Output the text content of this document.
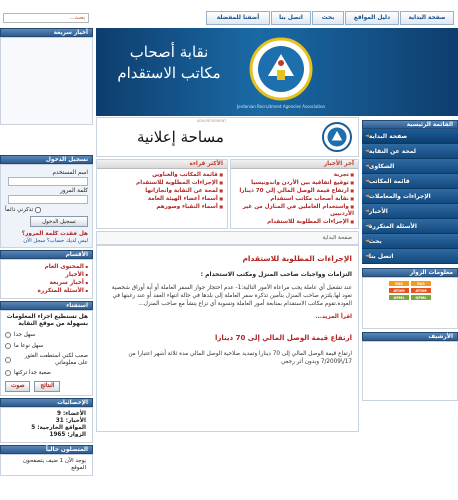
بحث...	صفحة البداية
دليل المواقع
بحث
اتصل بنا
أضفنا للمفضلة
نقابة أصحاب
مكاتب الاستقدام
Jordanian Recruitment Agencies Association
أخبار سريعة
تسجيل الدخول
اسم المستخدم
كلمة المرور
تذكرني دائماً
تسجيل الدخول
هل فقدت كلمة المرور؟
ليس لديك حساب؟ سجل الآن
الأقسام
▪ المحتوى العام
▪ الأخبار
▪ أخبار سريعة
▪ الأسئلة المتكررة
استفتاء
هل تستطيع اجراء المعلومات بسهولة من موقع النقابة
سهل جدا
سهل نوعا ما
صعب لكني استطعت العثور على معلوماتي
صعبة جدا تركتها
صوت	النتائج
الإحصائيات
الأعضاء: 9
الأخبار: 31
المواقع الخارجية: 5
الزوار: 1965
المتصلون حالياً
يوجد الآن 1 ضيف يتصفحون الموقع
ADVERTISEMENT
مساحة إعلانية
الأكثر قراءة
■ قائمة المكاتب والعناوين
■ الإجراءات المطلوبة للاستقدام
■ لمحة عن النقابة وانجازاتها
■ أسماء أعضاء الهيئة العامة
■ أسماء النقباء وصورهم
آخر الأخبار
■ تجربة
■ توقيع اتفاقية بين الأردن واندونيسيا
■ ارتفاع قيمة الوصل المالي إلى 70 دينارا
■ نقابة أصحاب مكاتب استقدام
■ واستخدام العاملين في المنازل من غير الأردنيين
■ الإجراءات المطلوبة للاستقدام
صفحة البداية
الإجراءات المطلوبة للاستقدام
التزامات وواجبات صاحب المنزل ومكتب الاستخدام :
عند تشغيل أي عاملة يجب مراعاة الأمور التالية:1- عدم احتجاز جواز السفر العاملة أو أية أوراق شخصية تعود لها.يلتزم صاحب المنزل بتأمين تذكرة سفر العاملة إلى بلدها في حالة انتهاء العقد أو عند رغبتها في العودة.تقوم مكاتب الاستقدام بمتابعة أمور العاملة وتسوية أي نزاع ينشأ مع صاحب المنزل...
اقرأ المزيد...
ارتفاع قيمة الوصل المالي إلى 70 دينارا
ارتفاع قيمة الوصل المالي إلى 70 دينارا وتمديد صلاحية الوصل المالي مدة ثلاثة أشهر اعتبارا من 17/\7/2009 وبدون أثر رجعي
القائمة الرئيسية
صفحة البداية
◄
لمحة عن النقابة
◄
الشكاوى
◄
قائمة المكاتب
◄
الإجراءات والمعاملات
◄
الأخبار
◄
الأسئلة المتكررة
◄
بحث
◄
اتصل بنا
◄
معلومات الزوار
RSS	RSS
ATOM	ATOM
OPML	OPML
الأرشيف
